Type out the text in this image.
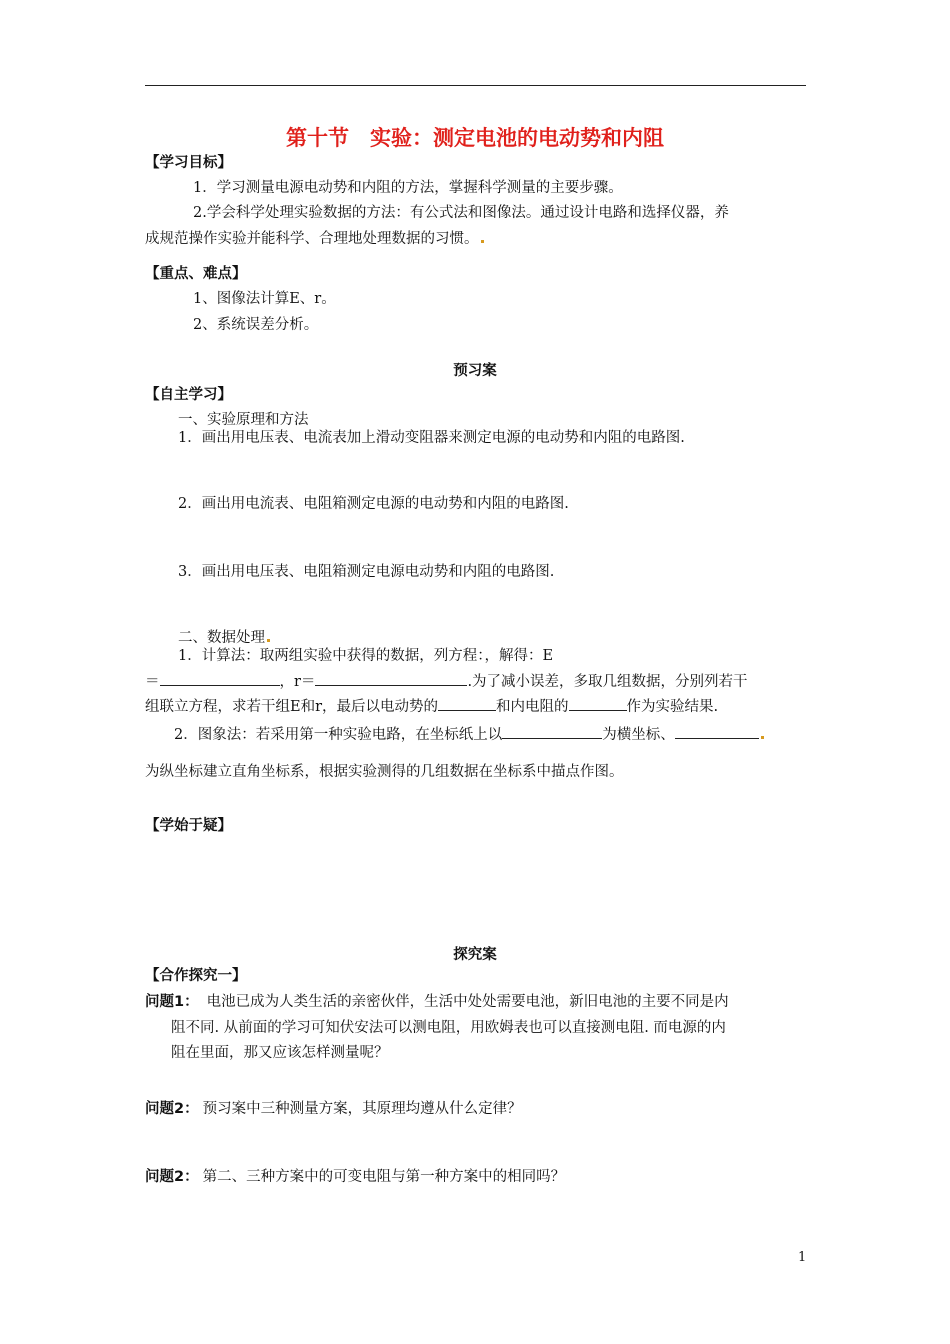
第十节　实验：测定电池的电动势和内阻
【学习目标】
1．学习测量电源电动势和内阻的方法，掌握科学测量的主要步骤。
2.学会科学处理实验数据的方法：有公式法和图像法。通过设计电路和选择仪器，养
成规范操作实验并能科学、合理地处理数据的习惯。
【重点、难点】
1、图像法计算E、r。
2、系统误差分析。
预习案
【自主学习】
一、实验原理和方法
1．画出用电压表、电流表加上滑动变阻器来测定电源的电动势和内阻的电路图.
2．画出用电流表、电阻箱测定电源的电动势和内阻的电路图.
3．画出用电压表、电阻箱测定电源电动势和内阻的电路图.
二、数据处理
1．计算法：取两组实验中获得的数据，列方程：，解得：E
＝	，r＝	.为了减小误差，多取几组数据，分别列若干
组联立方程，求若干组E和r，最后以电动势的	和内电阻的	作为实验结果.
2．图象法：若采用第一种实验电路，在坐标纸上以	为横坐标、
为纵坐标建立直角坐标系，根据实验测得的几组数据在坐标系中描点作图。
【学始于疑】
探究案
【合作探究一】
问题1： 电池已成为人类生活的亲密伙伴，生活中处处需要电池，新旧电池的主要不同是内
阻不同. 从前面的学习可知伏安法可以测电阻，用欧姆表也可以直接测电阻. 而电源的内
阻在里面，那又应该怎样测量呢？
问题2： 预习案中三种测量方案，其原理均遵从什么定律？
问题2： 第二、三种方案中的可变电阻与第一种方案中的相同吗？
1
